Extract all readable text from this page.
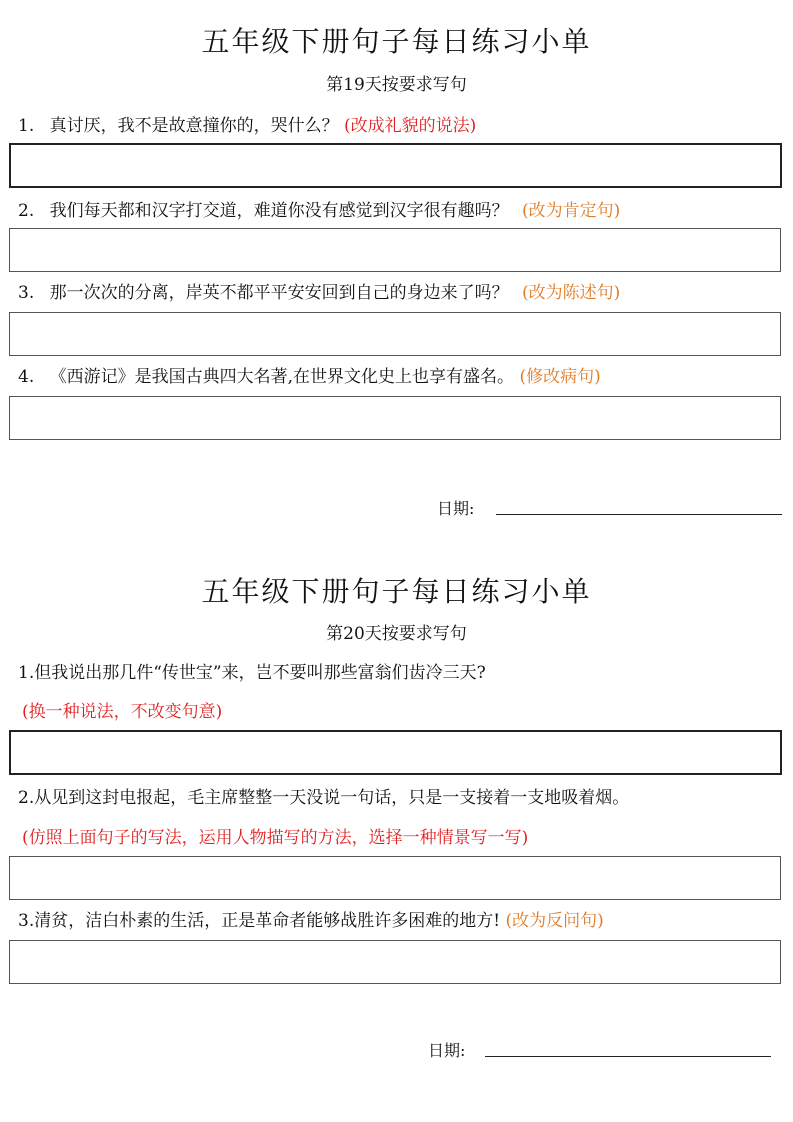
五年级下册句子每日练习小单
第19天按要求写句
1. 真讨厌，我不是故意撞你的，哭什么？ (改成礼貌的说法)
2. 我们每天都和汉字打交道，难道你没有感觉到汉字很有趣吗？ (改为肯定句)
3. 那一次次的分离，岸英不都平平安安回到自己的身边来了吗？ (改为陈述句)
4. 《西游记》是我国古典四大名著,在世界文化史上也享有盛名。 (修改病句)
日期:
五年级下册句子每日练习小单
第20天按要求写句
1.但我说出那几件“传世宝”来，岂不要叫那些富翁们齿冷三天?
(换一种说法，不改变句意)
2.从见到这封电报起，毛主席整整一天没说一句话，只是一支接着一支地吸着烟。
(仿照上面句子的写法，运用人物描写的方法，选择一种情景写一写)
3.清贫，洁白朴素的生活，正是革命者能够战胜许多困难的地方! (改为反问句)
日期:
